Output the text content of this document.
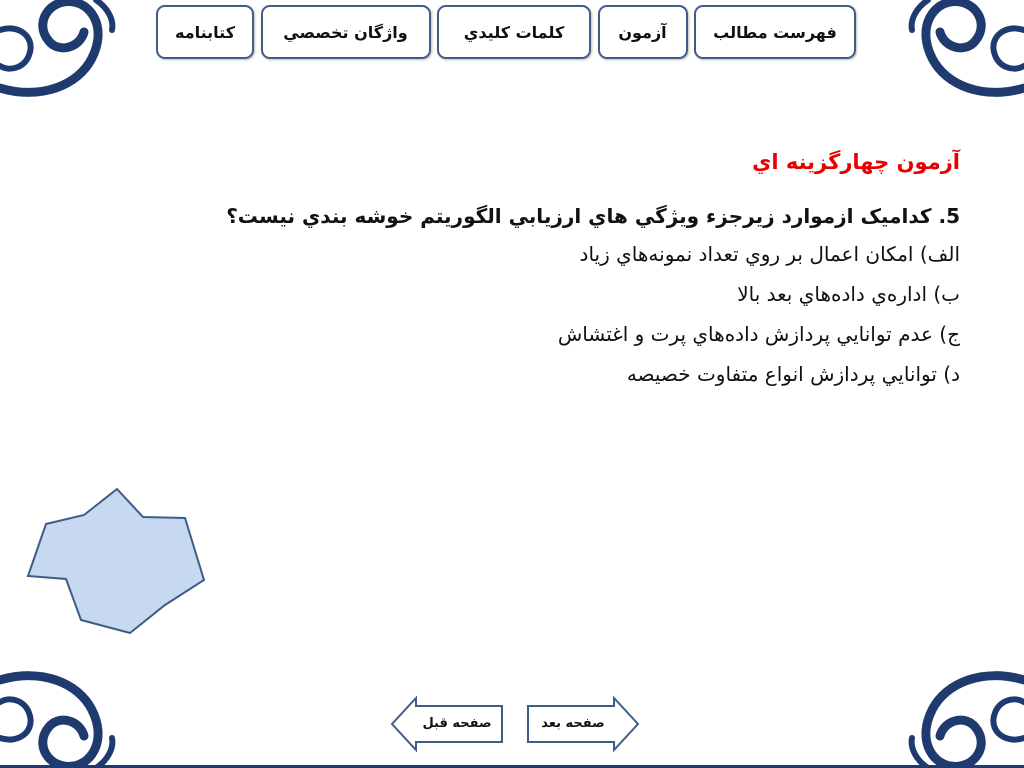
فهرست مطالب
آزمون
كلمات كليدي
واژگان تخصصي
كتابنامه
آزمون چهارگزينه اي
5. كداميک ازموارد زيرجزء ويژگي هاي ارزيابي الگوريتم خوشه بندي نيست؟
الف) امكان اعمال بر روي تعداد نمونه‌هاي زياد
ب) اداره‌ي داده‌هاي بعد بالا
ج) عدم توانايي پردازش داده‌هاي پرت و اغتشاش
د) توانايي پردازش انواع متفاوت خصيصه
صفحه قبل	صفحه بعد
